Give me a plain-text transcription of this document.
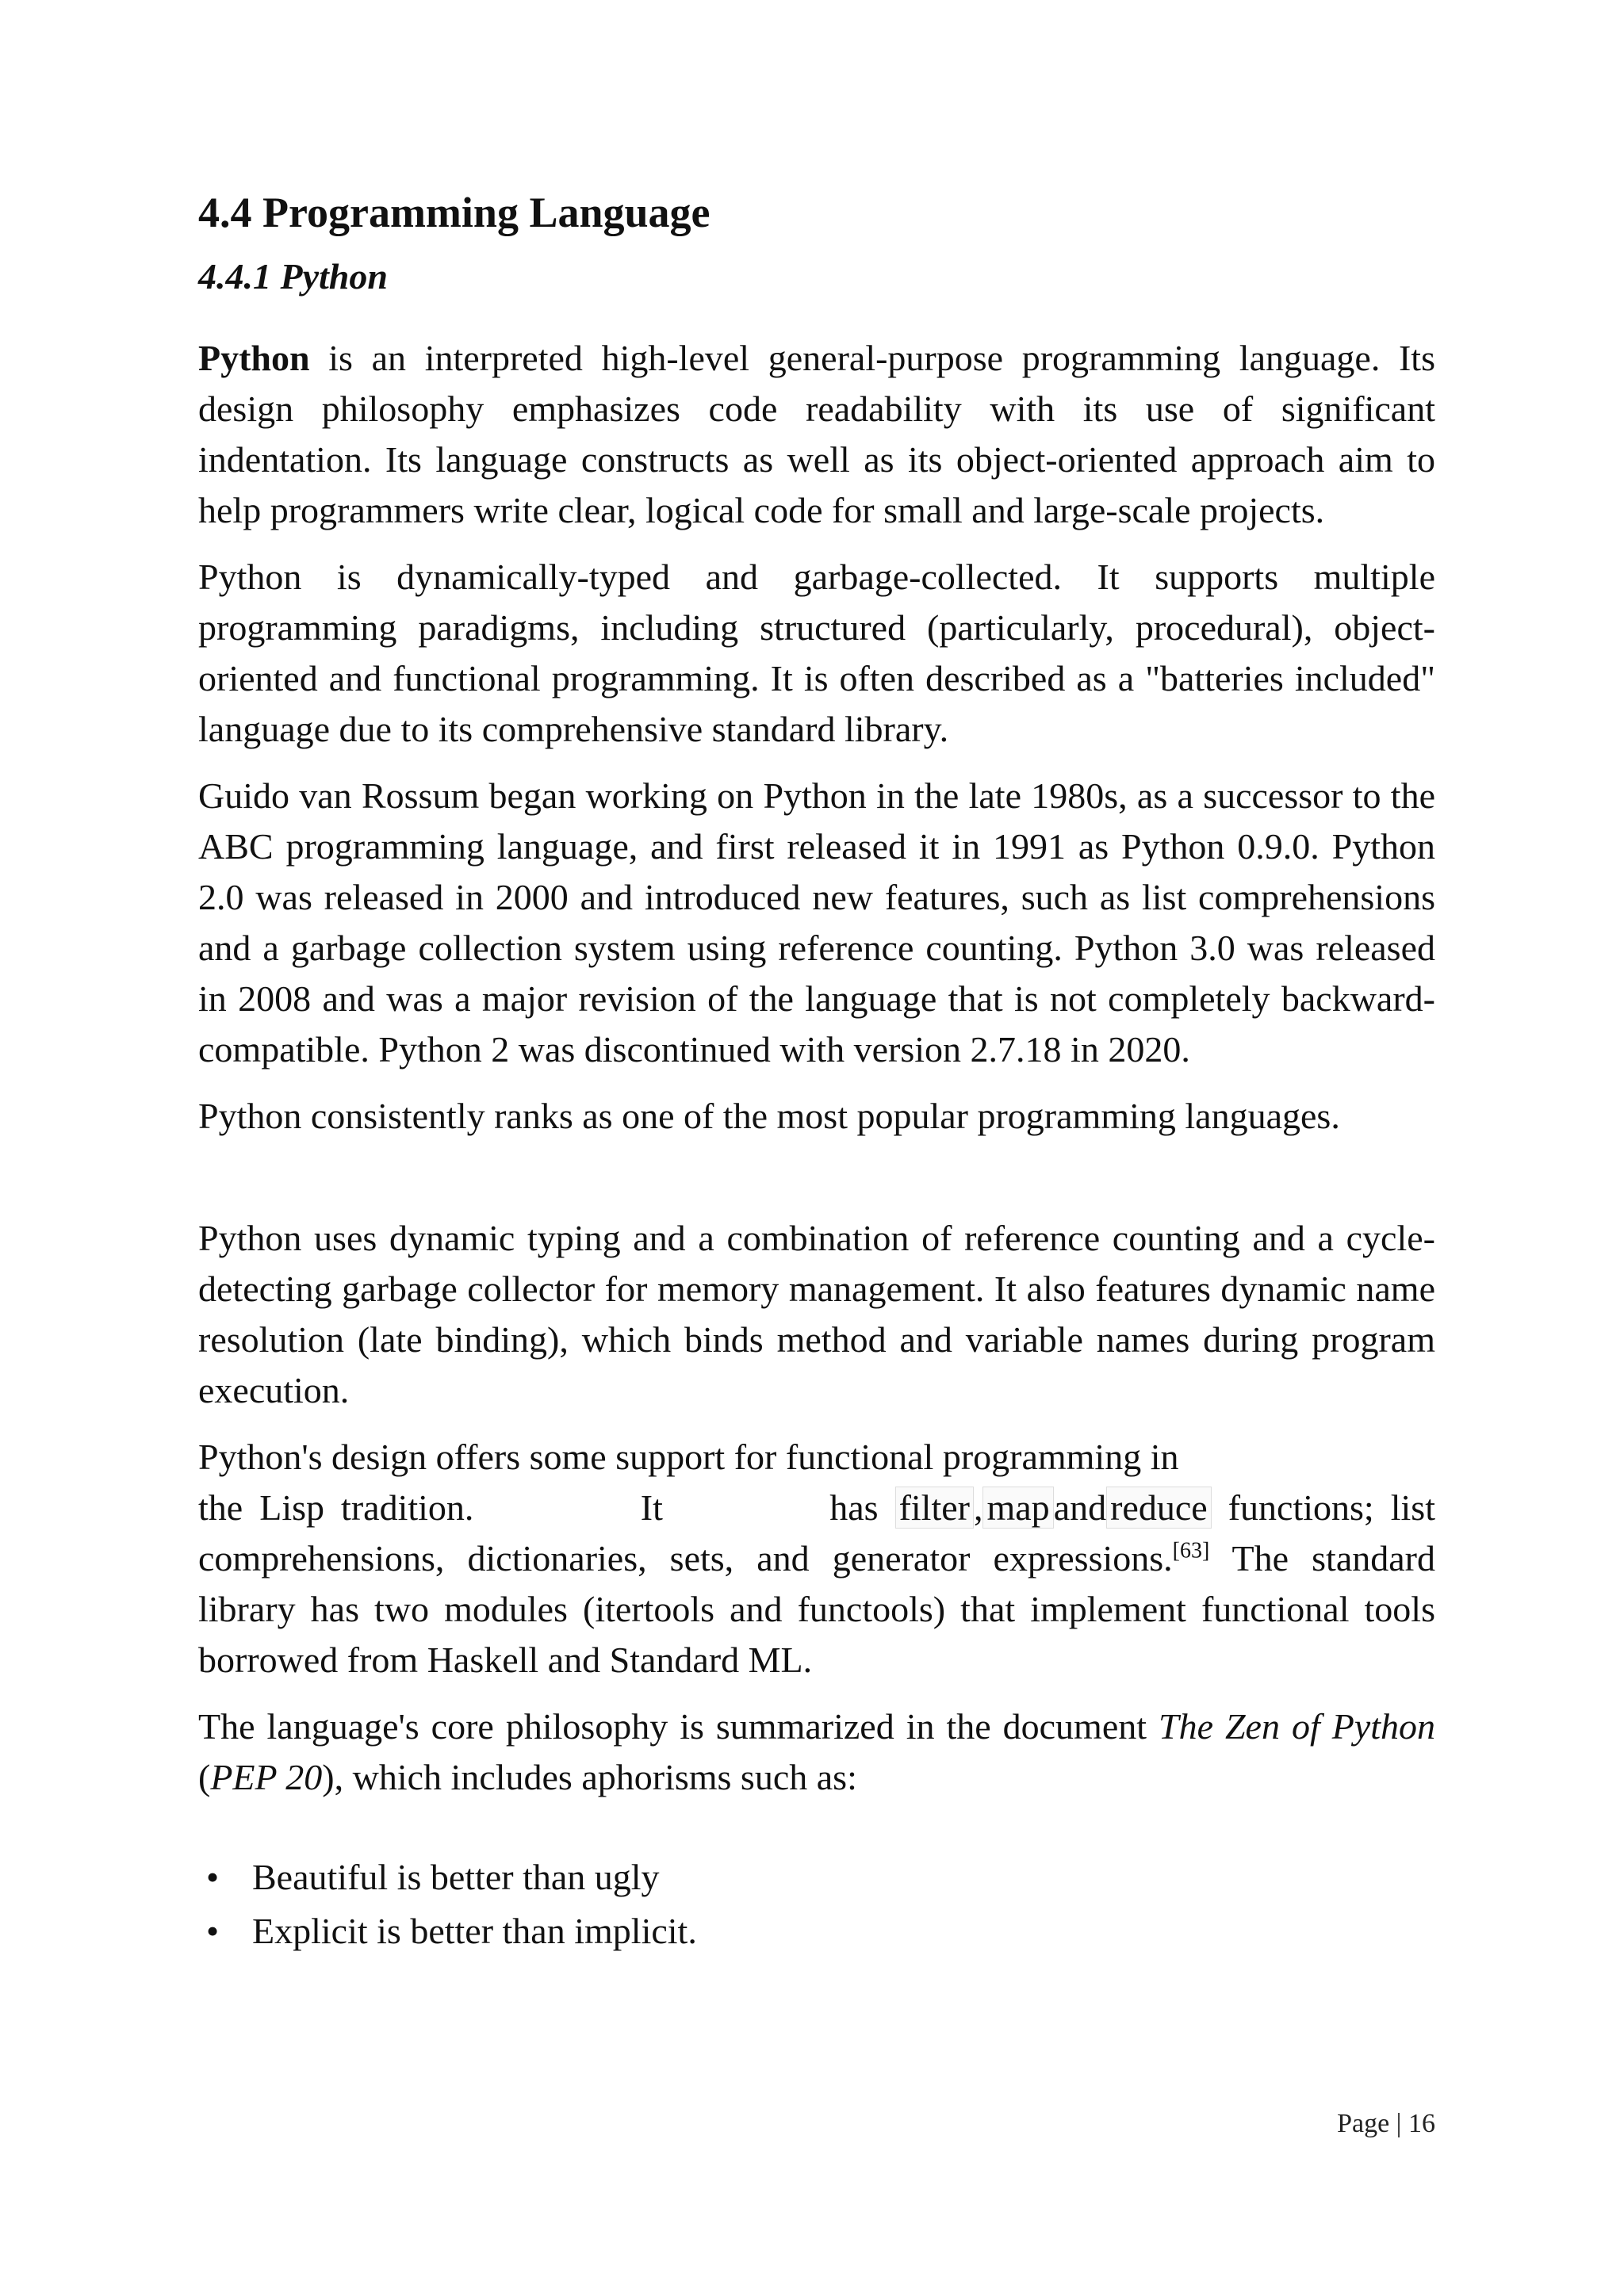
4.4 Programming Language
4.4.1 Python

Python is an interpreted high-level general-purpose programming language. Its design philosophy emphasizes code readability with its use of significant indentation. Its language constructs as well as its object-oriented approach aim to help programmers write clear, logical code for small and large-scale projects.

Python is dynamically-typed and garbage-collected. It supports multiple programming paradigms, including structured (particularly, procedural), object-oriented and functional programming. It is often described as a "batteries included" language due to its comprehensive standard library.

Guido van Rossum began working on Python in the late 1980s, as a successor to the ABC programming language, and first released it in 1991 as Python 0.9.0. Python 2.0 was released in 2000 and introduced new features, such as list comprehensions and a garbage collection system using reference counting. Python 3.0 was released in 2008 and was a major revision of the language that is not completely backward-compatible. Python 2 was discontinued with version 2.7.18 in 2020.

Python consistently ranks as one of the most popular programming languages.

Python uses dynamic typing and a combination of reference counting and a cycle-detecting garbage collector for memory management. It also features dynamic name resolution (late binding), which binds method and variable names during program execution.

Python's design offers some support for functional programming in
the Lisp tradition.          It          has filter , map and reduce functions; list comprehensions, dictionaries, sets, and generator expressions.[63] The standard library has two modules (itertools and functools) that implement functional tools borrowed from Haskell and Standard ML.

The language's core philosophy is summarized in the document The Zen of Python (PEP 20), which includes aphorisms such as:

• Beautiful is better than ugly
• Explicit is better than implicit.
Page | 16
